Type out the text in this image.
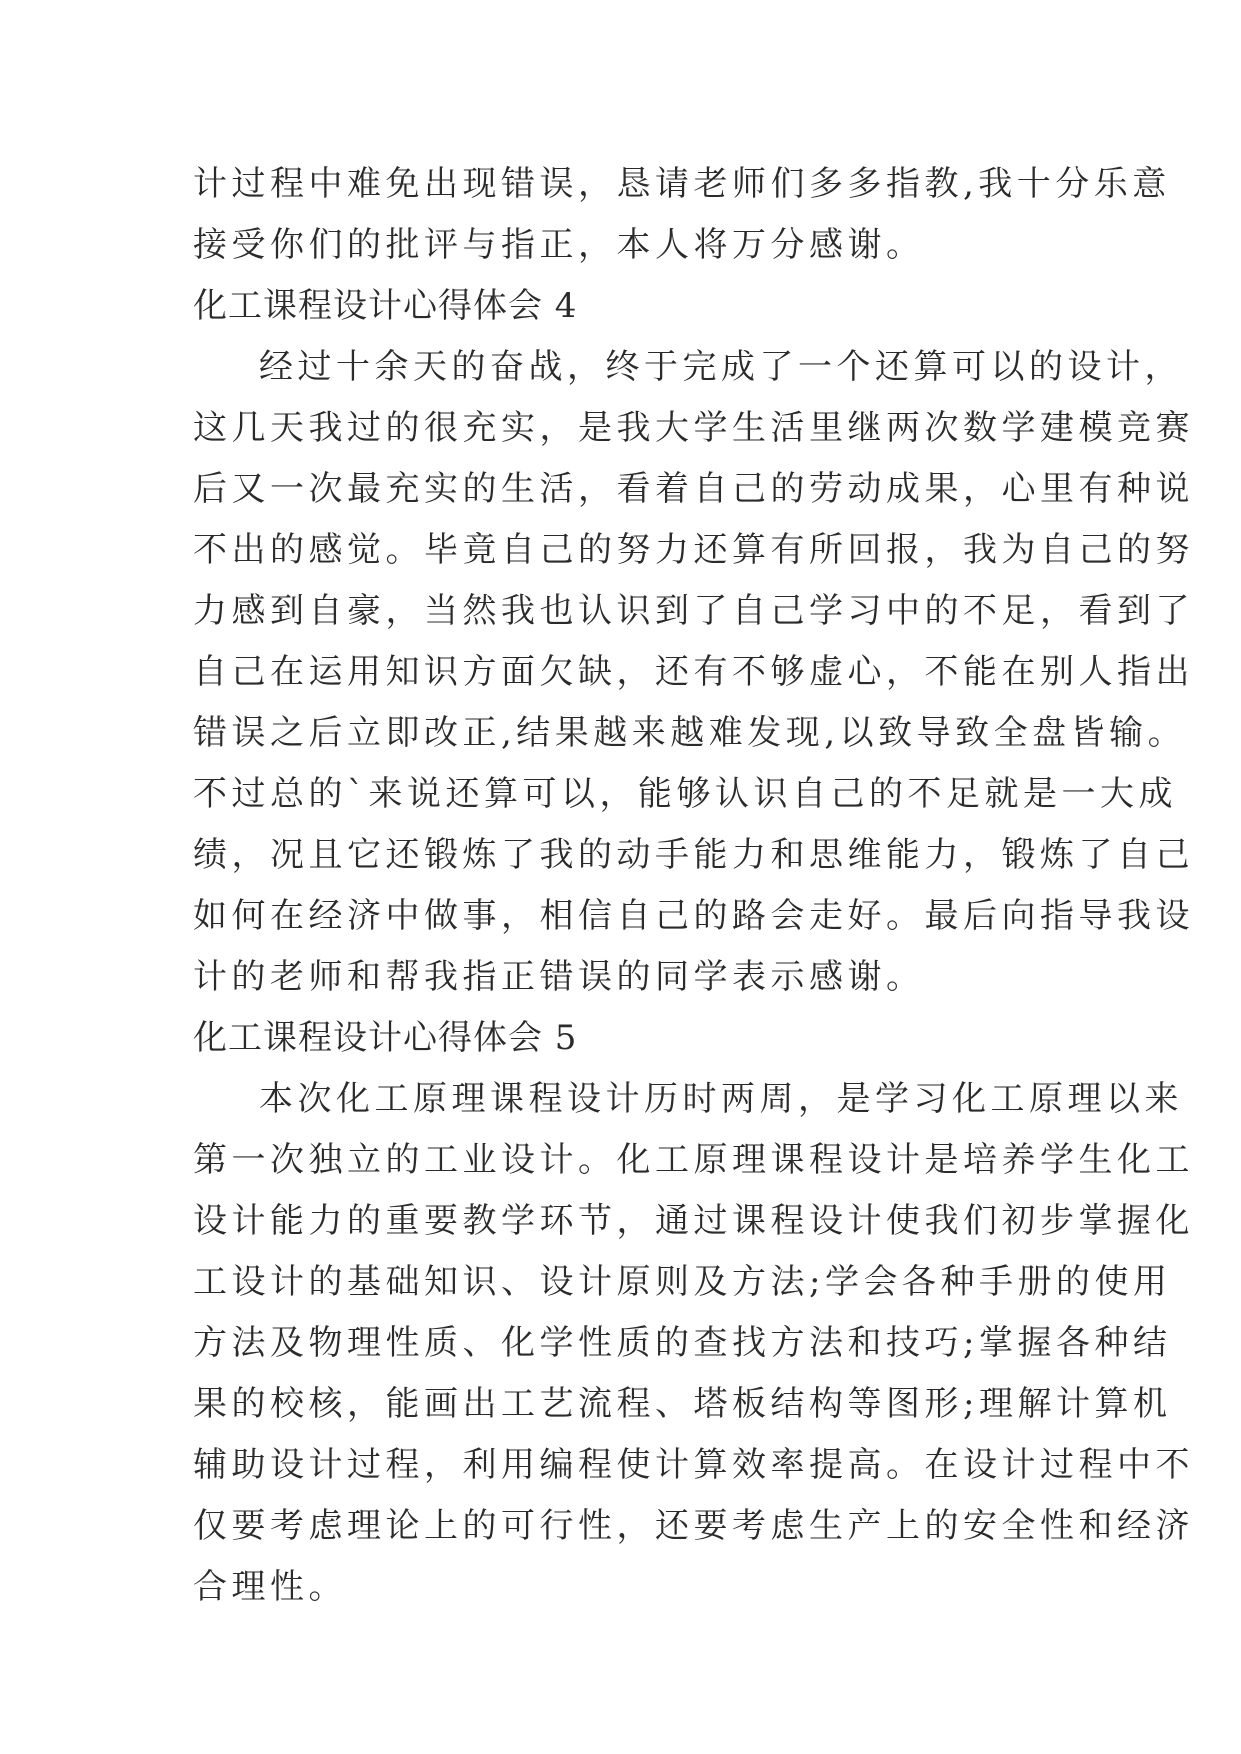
计过程中难免出现错误，恳请老师们多多指教,我十分乐意
接受你们的批评与指正，本人将万分感谢。
化工课程设计心得体会 4
经过十余天的奋战，终于完成了一个还算可以的设计，
这几天我过的很充实，是我大学生活里继两次数学建模竞赛
后又一次最充实的生活，看着自己的劳动成果，心里有种说
不出的感觉。毕竟自己的努力还算有所回报，我为自己的努
力感到自豪，当然我也认识到了自己学习中的不足，看到了
自己在运用知识方面欠缺，还有不够虚心，不能在别人指出
错误之后立即改正,结果越来越难发现,以致导致全盘皆输。
不过总的`来说还算可以，能够认识自己的不足就是一大成
绩，况且它还锻炼了我的动手能力和思维能力，锻炼了自己
如何在经济中做事，相信自己的路会走好。最后向指导我设
计的老师和帮我指正错误的同学表示感谢。
化工课程设计心得体会 5
本次化工原理课程设计历时两周，是学习化工原理以来
第一次独立的工业设计。化工原理课程设计是培养学生化工
设计能力的重要教学环节，通过课程设计使我们初步掌握化
工设计的基础知识、设计原则及方法;学会各种手册的使用
方法及物理性质、化学性质的查找方法和技巧;掌握各种结
果的校核，能画出工艺流程、塔板结构等图形;理解计算机
辅助设计过程，利用编程使计算效率提高。在设计过程中不
仅要考虑理论上的可行性，还要考虑生产上的安全性和经济
合理性。
